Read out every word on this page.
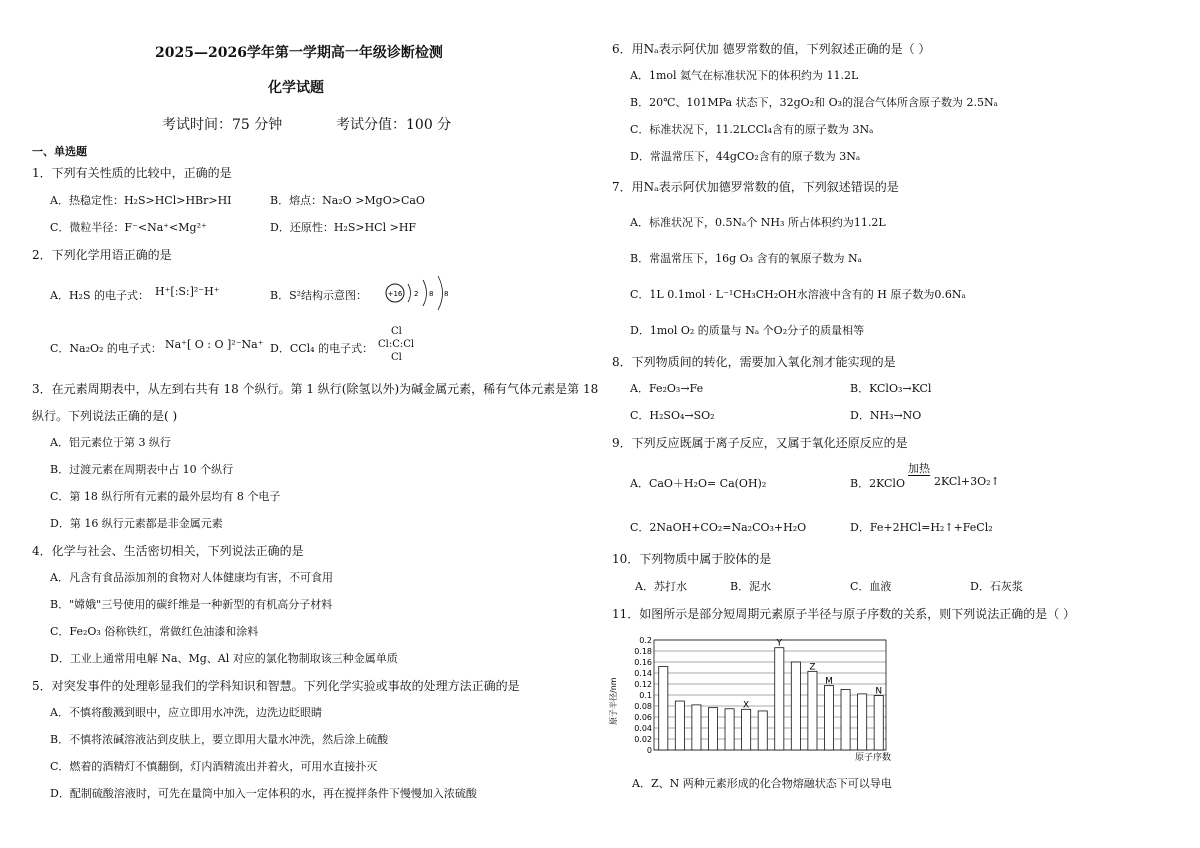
2025—2026学年第一学期高一年级诊断检测
化学试题
考试时间：75 分钟	考试分值：100 分
一、单选题
1．下列有关性质的比较中，正确的是
A．热稳定性：H₂S>HCl>HBr>HI	B．熔点：Na₂O >MgO>CaO
C．微粒半径：F⁻<Na⁺<Mg²⁺	D．还原性：H₂S>HCl >HF
2．下列化学用语正确的是
A．H₂S 的电子式： H⁺[:S:]²⁻H⁺	B．S²结构示意图：	+16 2 8 8
C．Na₂O₂ 的电子式： Na⁺[ O : O ]²⁻Na⁺ D．CCl₄ 的电子式：
Cl
Cl:C:Cl
Cl
3．在元素周期表中，从左到右共有 18 个纵行。第 1 纵行(除氢以外)为碱金属元素，稀有气体元素是第 18
纵行。下列说法正确的是( )
A．铝元素位于第 3 纵行
B．过渡元素在周期表中占 10 个纵行
C．第 18 纵行所有元素的最外层均有 8 个电子
D．第 16 纵行元素都是非金属元素
4．化学与社会、生活密切相关，下列说法正确的是
A．凡含有食品添加剂的食物对人体健康均有害，不可食用
B．"嫦娥"三号使用的碳纤维是一种新型的有机高分子材料
C．Fe₂O₃ 俗称铁红，常做红色油漆和涂料
D．工业上通常用电解 Na、Mg、Al 对应的氯化物制取该三种金属单质
5．对突发事件的处理彰显我们的学科知识和智慧。下列化学实验或事故的处理方法正确的是
A．不慎将酸溅到眼中，应立即用水冲洗，边洗边眨眼睛
B．不慎将浓碱溶液沾到皮肤上，要立即用大量水冲洗，然后涂上硫酸
C．燃着的酒精灯不慎翻倒，灯内酒精流出并着火，可用水直接扑灭
D．配制硫酸溶液时，可先在量筒中加入一定体积的水，再在搅拌条件下慢慢加入浓硫酸
6．用Nₐ表示阿伏加 德罗常数的值，下列叙述正确的是（ ）
A．1mol 氦气在标准状况下的体积约为 11.2L
B．20℃、101MPa 状态下，32gO₂和 O₃的混合气体所含原子数为 2.5Nₐ
C．标准状况下，11.2LCCl₄含有的原子数为 3Nₐ
D．常温常压下，44gCO₂含有的原子数为 3Nₐ
7．用Nₐ表示阿伏加德罗常数的值，下列叙述错误的是
A．标准状况下，0.5Nₐ个 NH₃ 所占体积约为11.2L
B．常温常压下，16g O₃ 含有的氧原子数为 Nₐ
C．1L 0.1mol · L⁻¹CH₃CH₂OH水溶液中含有的 H 原子数为0.6Nₐ
D．1mol O₂ 的质量与 Nₐ 个O₂分子的质量相等
8．下列物质间的转化，需要加入氧化剂才能实现的是
A．Fe₂O₃→Fe	B．KClO₃→KCl
C．H₂SO₄→SO₂	D．NH₃→NO
9．下列反应既属于离子反应，又属于氧化还原反应的是
A．CaO＋H₂O= Ca(OH)₂	B．2KClO
加热
2KCl+3O₂↑
C．2NaOH+CO₂=Na₂CO₃+H₂O	D．Fe+2HCl=H₂↑+FeCl₂
10．下列物质中属于胶体的是
A．苏打水	B．泥水	C．血液	D．石灰浆
11．如图所示是部分短周期元素原子半径与原子序数的关系，则下列说法正确的是（ ）
0
0.02
0.04
0.06
0.08
0.1
0.12
0.14
0.16
0.18
0.2
X
Y
Z
M
N
原子半径/nm
原子序数
A．Z、N 两种元素形成的化合物熔融状态下可以导电
